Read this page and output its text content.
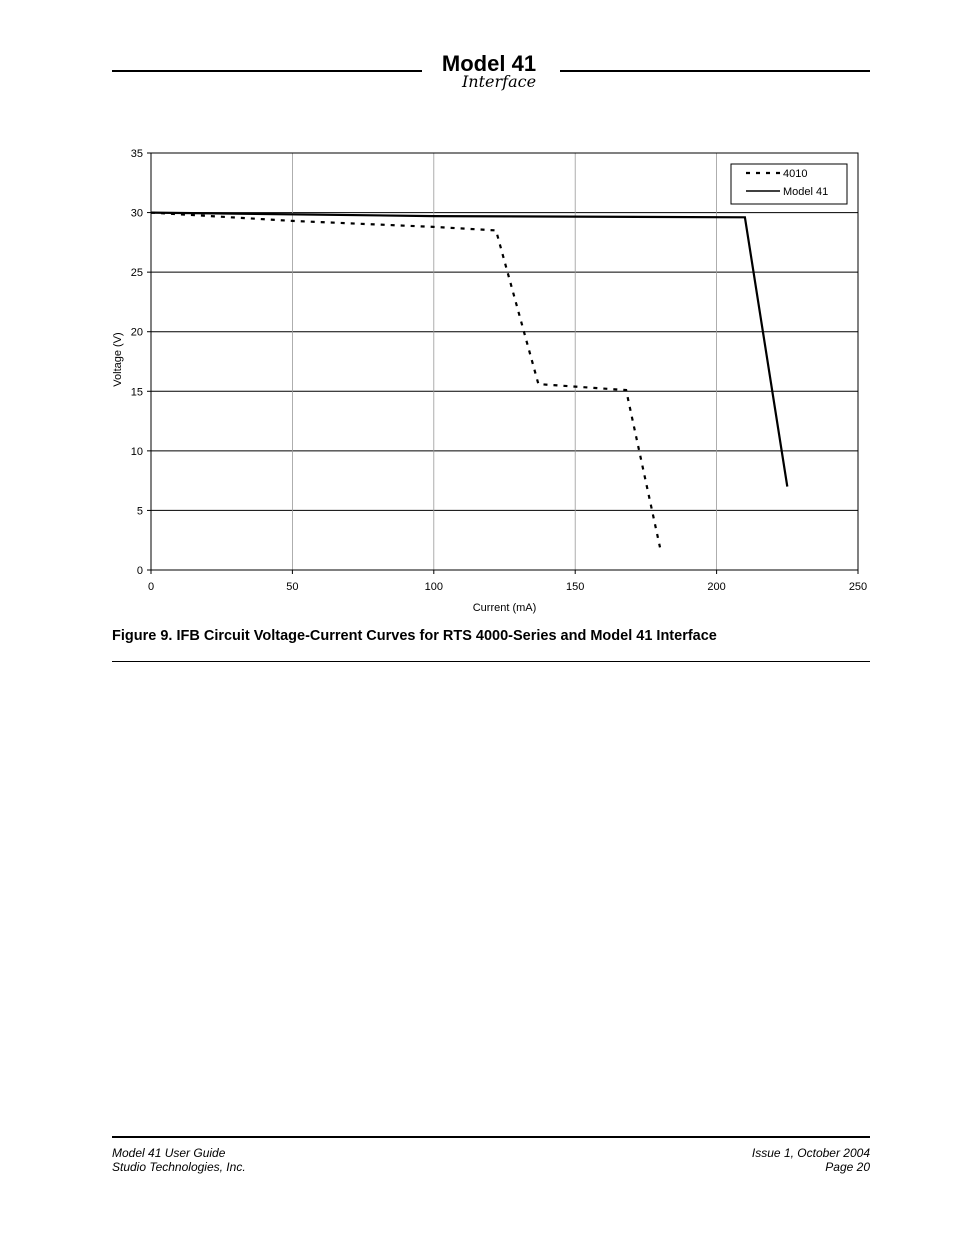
Model 41
Interface
0
5
10
15
20
25
30
35
0	50	100	150	200	250
Current (mA)
Voltage (V)
4010
Model 41
Figure 9. IFB Circuit Voltage-Current Curves for RTS 4000-Series and Model 41 Interface
Model 41 User Guide
Studio Technologies, Inc.
Issue 1, October 2004
Page 20
